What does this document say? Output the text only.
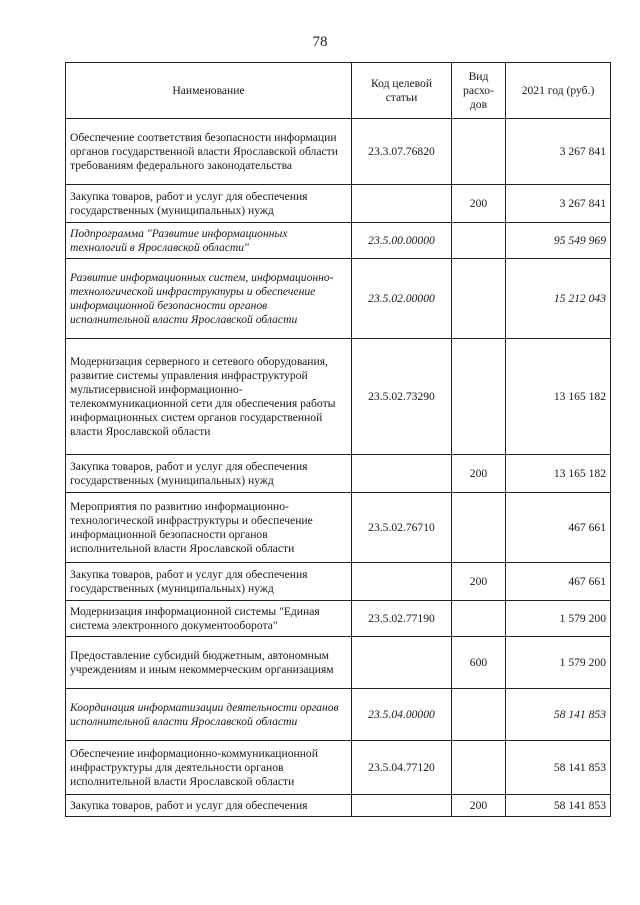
78
Наименование	Код целевой статьи	Вид расхо-дов	2021 год (руб.)
Обеспечение соответствия безопасности информации органов государственной власти Ярославской области требованиям федерального законодательства	23.3.07.76820		3 267 841
Закупка товаров, работ и услуг для обеспечения государственных (муниципальных) нужд		200	3 267 841
Подпрограмма "Развитие информационных технологий в Ярославской области"	23.5.00.00000		95 549 969
Развитие информационных систем, информационно-технологической инфраструктуры и обеспечение информационной безопасности органов исполнительной власти Ярославской области	23.5.02.00000		15 212 043
Модернизация серверного и сетевого оборудования, развитие системы управления инфраструктурой мультисервисной информационно-телекоммуникационной сети для обеспечения работы информационных систем органов государственной власти Ярославской области	23.5.02.73290		13 165 182
Закупка товаров, работ и услуг для обеспечения государственных (муниципальных) нужд		200	13 165 182
Мероприятия по развитию информационно-технологической инфраструктуры и обеспечение информационной безопасности органов исполнительной власти Ярославской области	23.5.02.76710		467 661
Закупка товаров, работ и услуг для обеспечения государственных (муниципальных) нужд		200	467 661
Модернизация информационной системы "Единая система электронного документооборота"	23.5.02.77190		1 579 200
Предоставление субсидий бюджетным, автономным учреждениям и иным некоммерческим организациям		600	1 579 200
Координация информатизации деятельности органов исполнительной власти Ярославской области	23.5.04.00000		58 141 853
Обеспечение информационно-коммуникационной инфраструктуры для деятельности органов исполнительной власти Ярославской области	23.5.04.77120		58 141 853
Закупка товаров, работ и услуг для обеспечения		200	58 141 853
